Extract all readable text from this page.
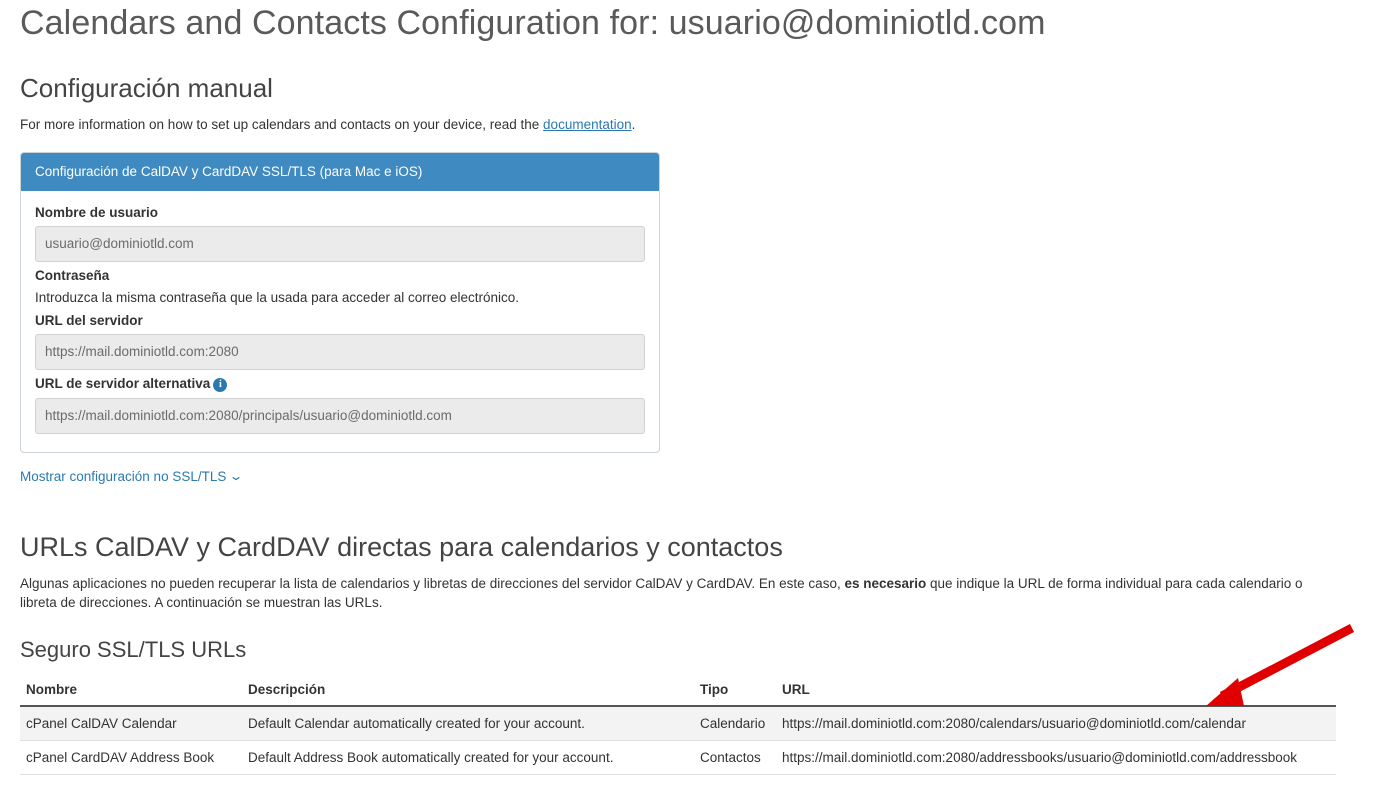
Calendars and Contacts Configuration for: usuario@dominiotld.com
Configuración manual

For more information on how to set up calendars and contacts on your device, read the documentation.

Configuración de CalDAV y CardDAV SSL/TLS (para Mac e iOS)
Nombre de usuario
usuario@dominiotld.com
Contraseña

Introduzca la misma contraseña que la usada para acceder al correo electrónico.

URL del servidor
https://mail.dominiotld.com:2080
URL de servidor alternativa i
https://mail.dominiotld.com:2080/principals/usuario@dominiotld.com
Mostrar configuración no SSL/TLS ⌄
URLs CalDAV y CardDAV directas para calendarios y contactos

Algunas aplicaciones no pueden recuperar la lista de calendarios y libretas de direcciones del servidor CalDAV y CardDAV. En este caso, es necesario que indique la URL de forma individual para cada calendario o libreta de direcciones. A continuación se muestran las URLs.

Seguro SSL/TLS URLs
Nombre	Descripción	Tipo	URL
cPanel CalDAV Calendar	Default Calendar automatically created for your account.	Calendario	https://mail.dominiotld.com:2080/calendars/usuario@dominiotld.com/calendar
cPanel CardDAV Address Book	Default Address Book automatically created for your account.	Contactos	https://mail.dominiotld.com:2080/addressbooks/usuario@dominiotld.com/addressbook
